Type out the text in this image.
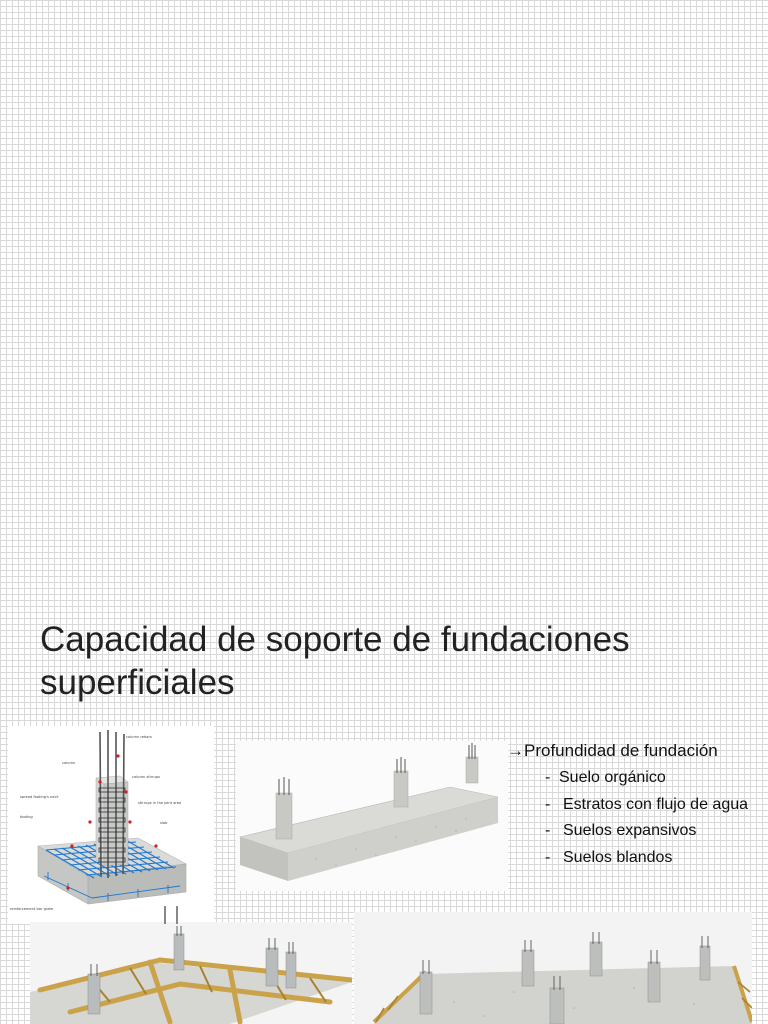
Capacidad de soporte de fundaciones
superficiales
column rebars
column
column stirrups
spread footing's neck
stirrups in the joint area
footing
slab
reinforcement bar grate
→Profundidad de fundación
- Suelo orgánico
- Estratos con flujo de agua
- Suelos expansivos
- Suelos blandos
